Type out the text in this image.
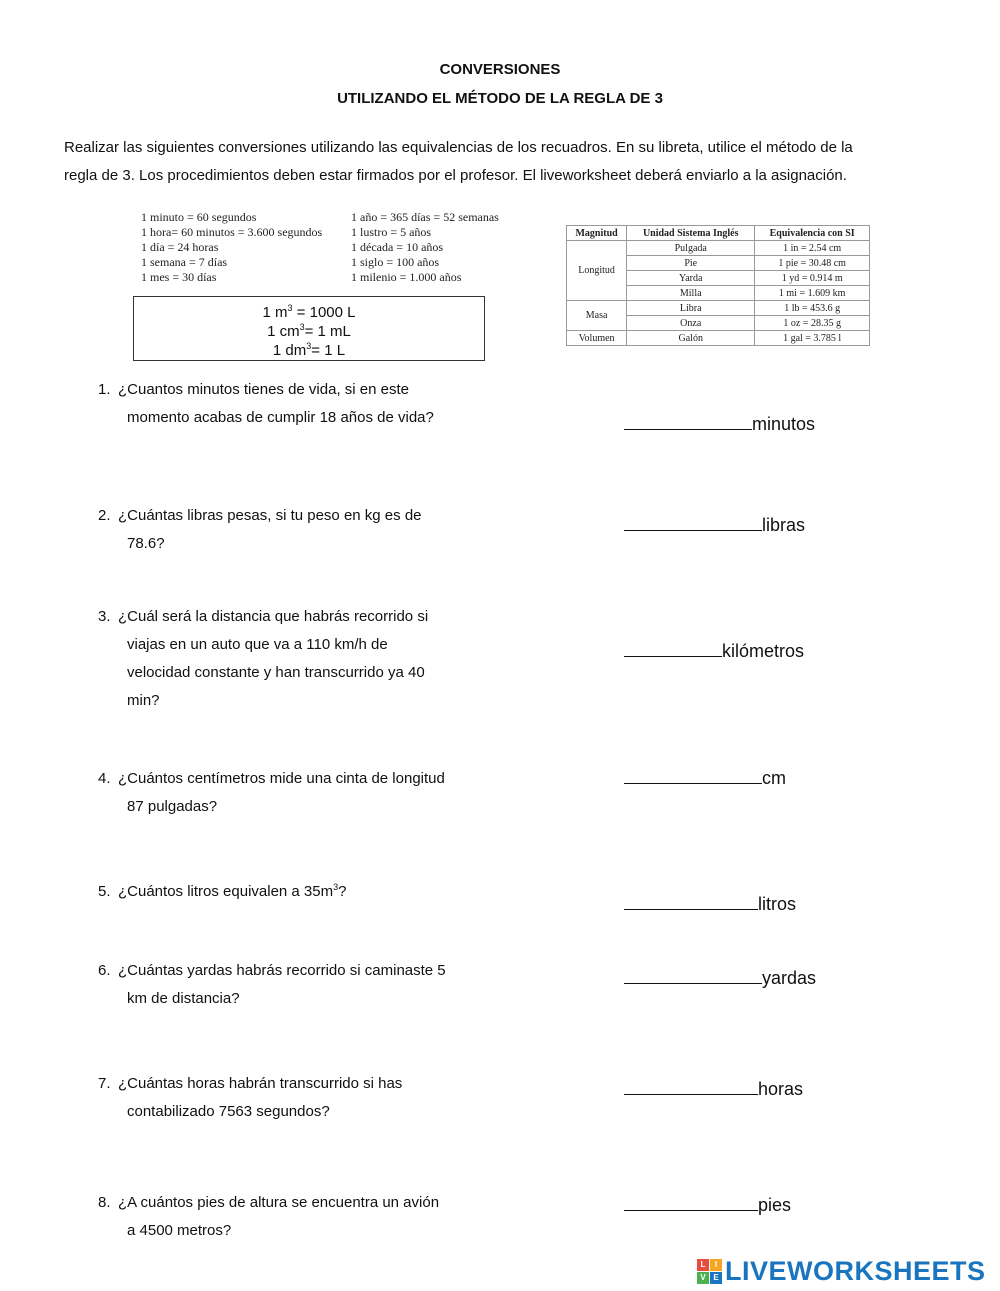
CONVERSIONES
UTILIZANDO EL MÉTODO DE LA REGLA DE 3
Realizar las siguientes conversiones utilizando las equivalencias de los recuadros. En su libreta, utilice el método de la
regla de 3. Los procedimientos deben estar firmados por el profesor. El liveworksheet deberá enviarlo a la asignación.
1 minuto = 60 segundos
1 hora= 60 minutos = 3.600 segundos
1 día = 24 horas
1 semana = 7 días
1 mes = 30 días
1 año = 365 días = 52 semanas
1 lustro = 5 años
1 década = 10 años
1 siglo = 100 años
1 milenio = 1.000 años
1 $m^3 = 1000$ L
1 $cm^3= 1$ mL
1 $dm^3= 1$ L
Magnitud	Unidad Sistema Inglés	Equivalencia con SI
Longitud	Pulgada	1 in = 2.54 cm
	Pie	1 pie = 30.48 cm
	Yarda	1 yd = 0.914 m
	Milla	1 mi = 1.609 km
Masa	Libra	1 lb = 453.6 g
	Onza	1 oz = 28.35 g
Volumen	Galón	1 gal = 3.785 l
1. ¿Cuantos minutos tienes de vida, si en este
momento acabas de cumplir 18 años de vida?	minutos
2. ¿Cuántas libras pesas, si tu peso en kg es de
78.6?
libras
3. ¿Cuál será la distancia que habrás recorrido si
viajas en un auto que va a 110 km/h de
velocidad constante y han transcurrido ya 40
min?
kilómetros
4. ¿Cuántos centímetros mide una cinta de longitud
87 pulgadas?
cm
5. ¿Cuántos litros equivalen a $35m^3$?
litros
6. ¿Cuántas yardas habrás recorrido si caminaste 5
km de distancia?
yardas
7. ¿Cuántas horas habrán transcurrido si has
contabilizado 7563 segundos?
horas
8. ¿A cuántos pies de altura se encuentra un avión
a 4500 metros?
pies
L	I
V E LIVEWORKSHEETS
